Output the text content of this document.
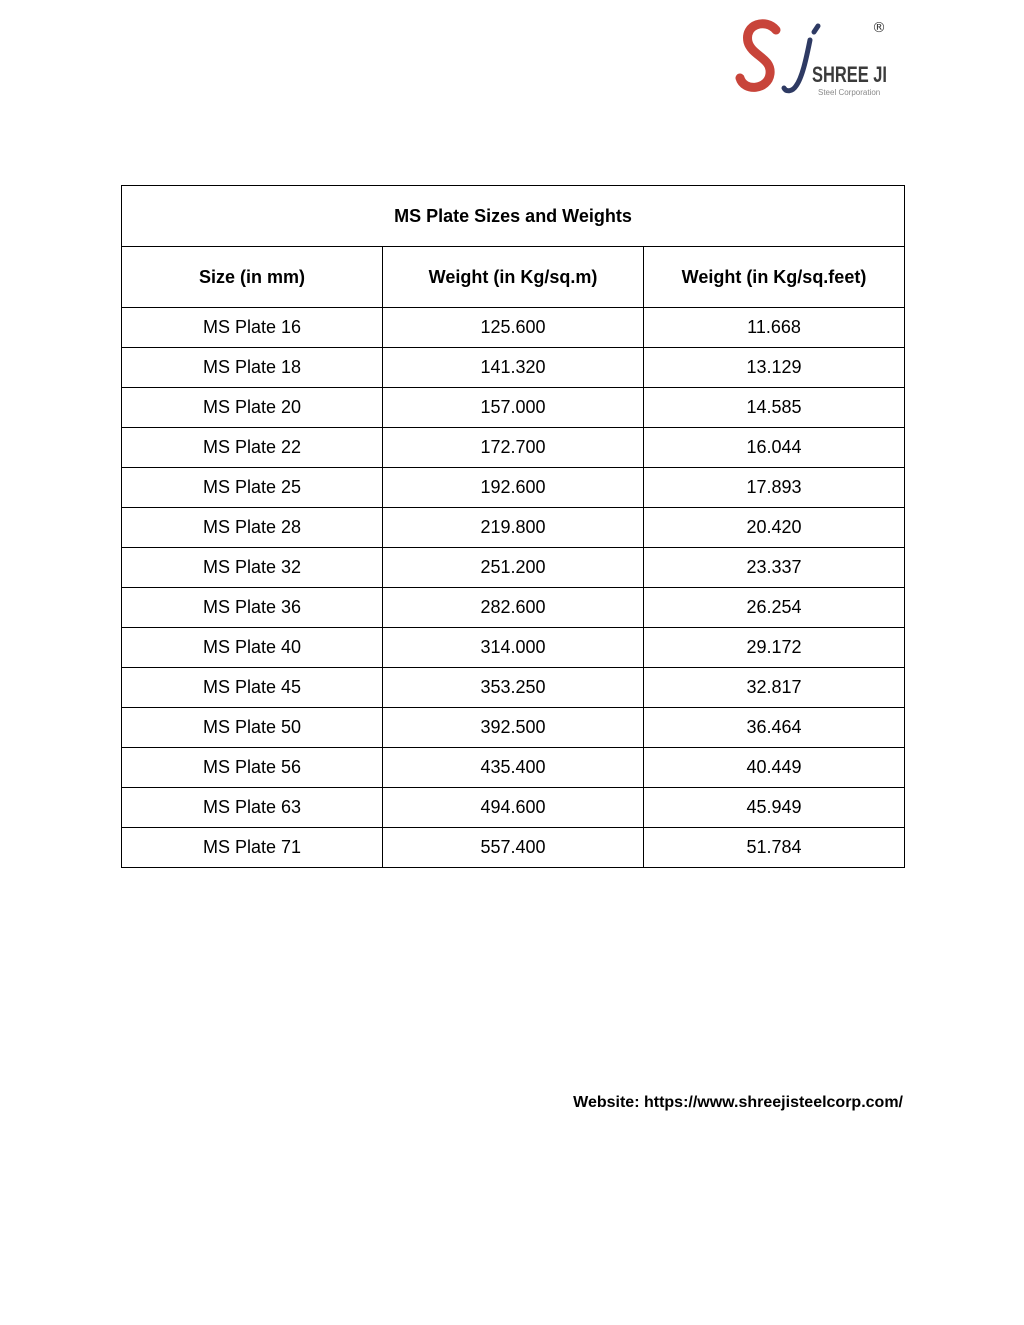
SHREE JI
Steel Corporation
®
MS Plate Sizes and Weights		
Size (in mm)	Weight (in Kg/sq.m)	Weight (in Kg/sq.feet)
MS Plate 16	125.600	11.668
MS Plate 18	141.320	13.129
MS Plate 20	157.000	14.585
MS Plate 22	172.700	16.044
MS Plate 25	192.600	17.893
MS Plate 28	219.800	20.420
MS Plate 32	251.200	23.337
MS Plate 36	282.600	26.254
MS Plate 40	314.000	29.172
MS Plate 45	353.250	32.817
MS Plate 50	392.500	36.464
MS Plate 56	435.400	40.449
MS Plate 63	494.600	45.949
MS Plate 71	557.400	51.784
Website: https://www.shreejisteelcorp.com/
